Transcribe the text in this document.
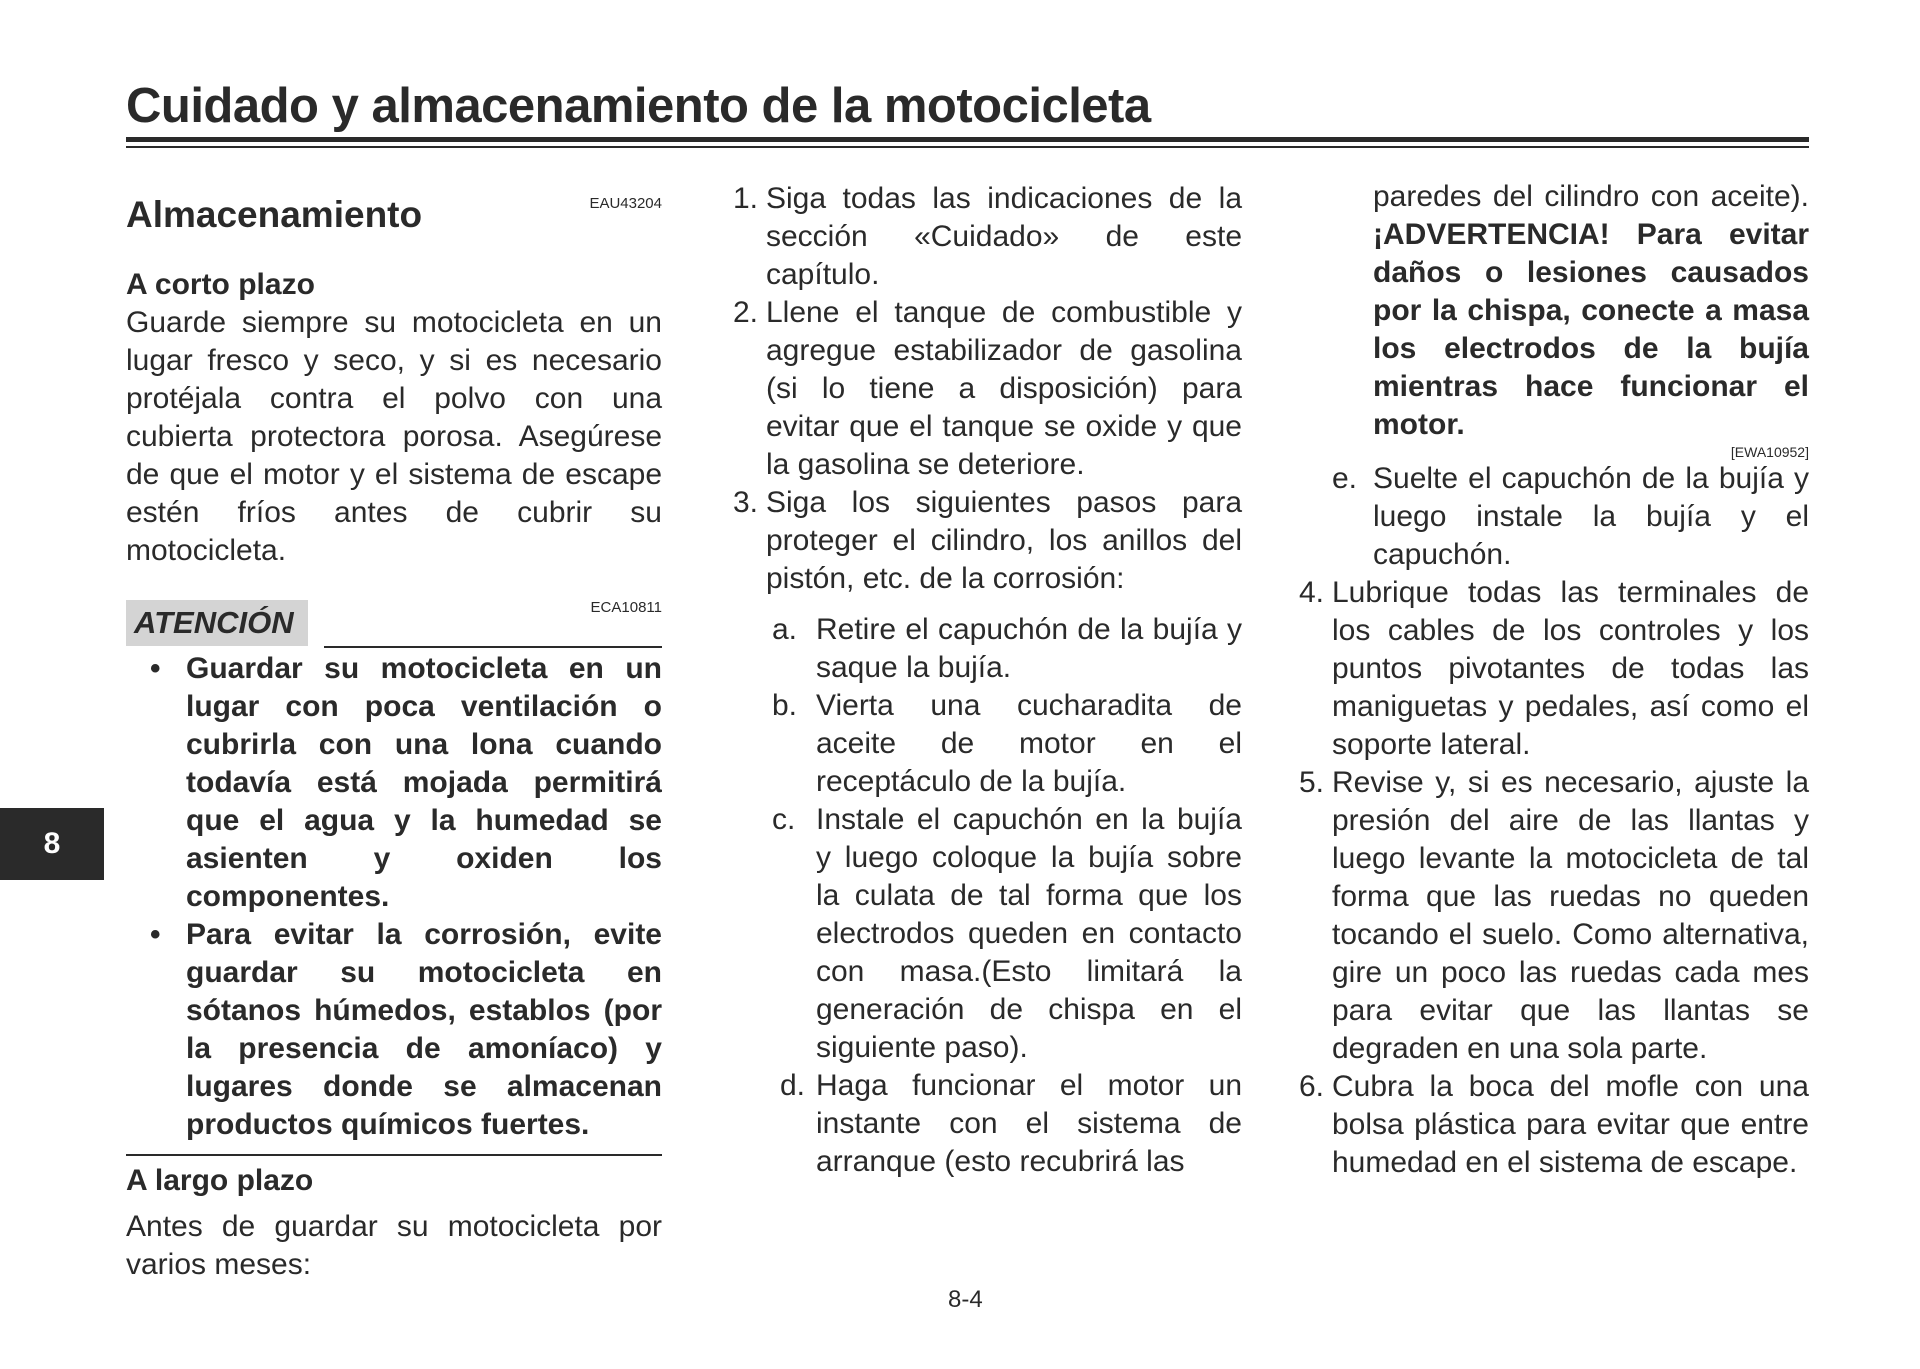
Cuidado y almacenamiento de la motocicleta
8
Almacenamiento	EAU43204
A corto plazo

Guarde siempre su motocicleta en un lugar fresco y seco, y si es necesario protéjala contra el polvo con una cubierta protectora porosa. Asegúrese de que el motor y el sistema de escape estén fríos antes de cubrir su motocicleta.

ATENCIÓN	ECA10811
• Guardar su motocicleta en un lugar con poca ventilación o cubrirla con una lona cuando todavía está mojada permitirá que el agua y la humedad se asienten y oxiden los componentes.
• Para evitar la corrosión, evite guardar su motocicleta en sótanos húmedos, establos (por la presencia de amoníaco) y lugares donde se almacenan productos químicos fuertes.
A largo plazo

Antes de guardar su motocicleta por varios meses:

1. Siga todas las indicaciones de la sección «Cuidado» de este capítulo.
2. Llene el tanque de combustible y agregue estabilizador de gasolina (si lo tiene a disposición) para evitar que el tanque se oxide y que la gasolina se deteriore.
3. Siga los siguientes pasos para proteger el cilindro, los anillos del pistón, etc. de la corrosión:
a. Retire el capuchón de la bujía y saque la bujía.
b. Vierta una cucharadita de aceite de motor en el receptáculo de la bujía.
c. Instale el capuchón en la bujía y luego coloque la bujía sobre la culata de tal forma que los electrodos queden en contacto con masa.(Esto limitará la generación de chispa en el siguiente paso).
d. Haga funcionar el motor un instante con el sistema de arranque (esto recubrirá las
paredes del cilindro con aceite). ¡ADVERTENCIA! Para evitar daños o lesiones causados por la chispa, conecte a masa los electrodos de la bujía mientras hace funcionar el motor.
[EWA10952]
e. Suelte el capuchón de la bujía y luego instale la bujía y el capuchón.
4. Lubrique todas las terminales de los cables de los controles y los puntos pivotantes de todas las maniguetas y pedales, así como el soporte lateral.
5. Revise y, si es necesario, ajuste la presión del aire de las llantas y luego levante la motocicleta de tal forma que las ruedas no queden tocando el suelo. Como alternativa, gire un poco las ruedas cada mes para evitar que las llantas se degraden en una sola parte.
6. Cubra la boca del mofle con una bolsa plástica para evitar que entre humedad en el sistema de escape.
8-4
